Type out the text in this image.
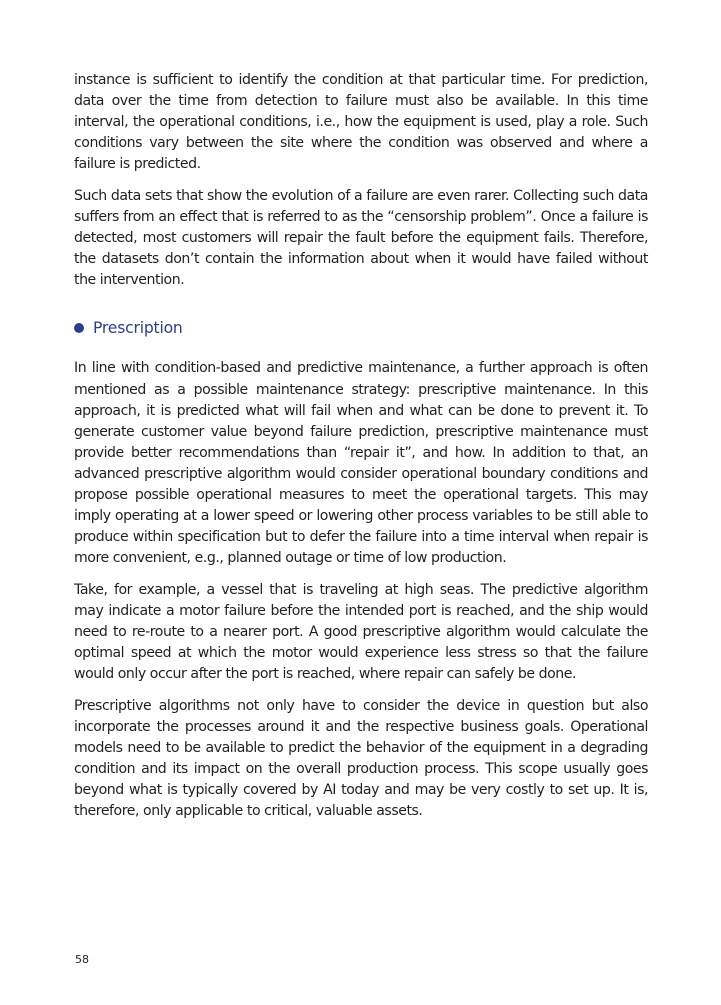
instance is sufficient to identify the condition at that particular time. For prediction, data over the time from detection to failure must also be available. In this time interval, the operational conditions, i.e., how the equipment is used, play a role. Such conditions vary between the site where the condition was observed and where a failure is predicted.

Such data sets that show the evolution of a failure are even rarer. Collecting such data suffers from an effect that is referred to as the “censorship problem”. Once a failure is detected, most customers will repair the fault before the equipment fails. Therefore, the datasets don’t contain the information about when it would have failed without the intervention.

Prescription

In line with condition-based and predictive maintenance, a further approach is often mentioned as a possible maintenance strategy: prescriptive maintenance. In this approach, it is predicted what will fail when and what can be done to prevent it. To generate customer value beyond failure prediction, prescriptive maintenance must provide better recommendations than “repair it”, and how. In addition to that, an advanced prescriptive algorithm would consider operational boundary conditions and propose possible operational measures to meet the operational targets. This may imply operating at a lower speed or lowering other process variables to be still able to produce within specification but to defer the failure into a time interval when repair is more convenient, e.g., planned outage or time of low production.

Take, for example, a vessel that is traveling at high seas. The predictive algorithm may indicate a motor failure before the intended port is reached, and the ship would need to re-route to a nearer port. A good prescriptive algorithm would calculate the optimal speed at which the motor would experience less stress so that the failure would only occur after the port is reached, where repair can safely be done.

Prescriptive algorithms not only have to consider the device in question but also incorporate the processes around it and the respective business goals. Operational models need to be available to predict the behavior of the equipment in a degrading condition and its impact on the overall production process. This scope usually goes beyond what is typically covered by AI today and may be very costly to set up. It is, therefore, only applicable to critical, valuable assets.

58
